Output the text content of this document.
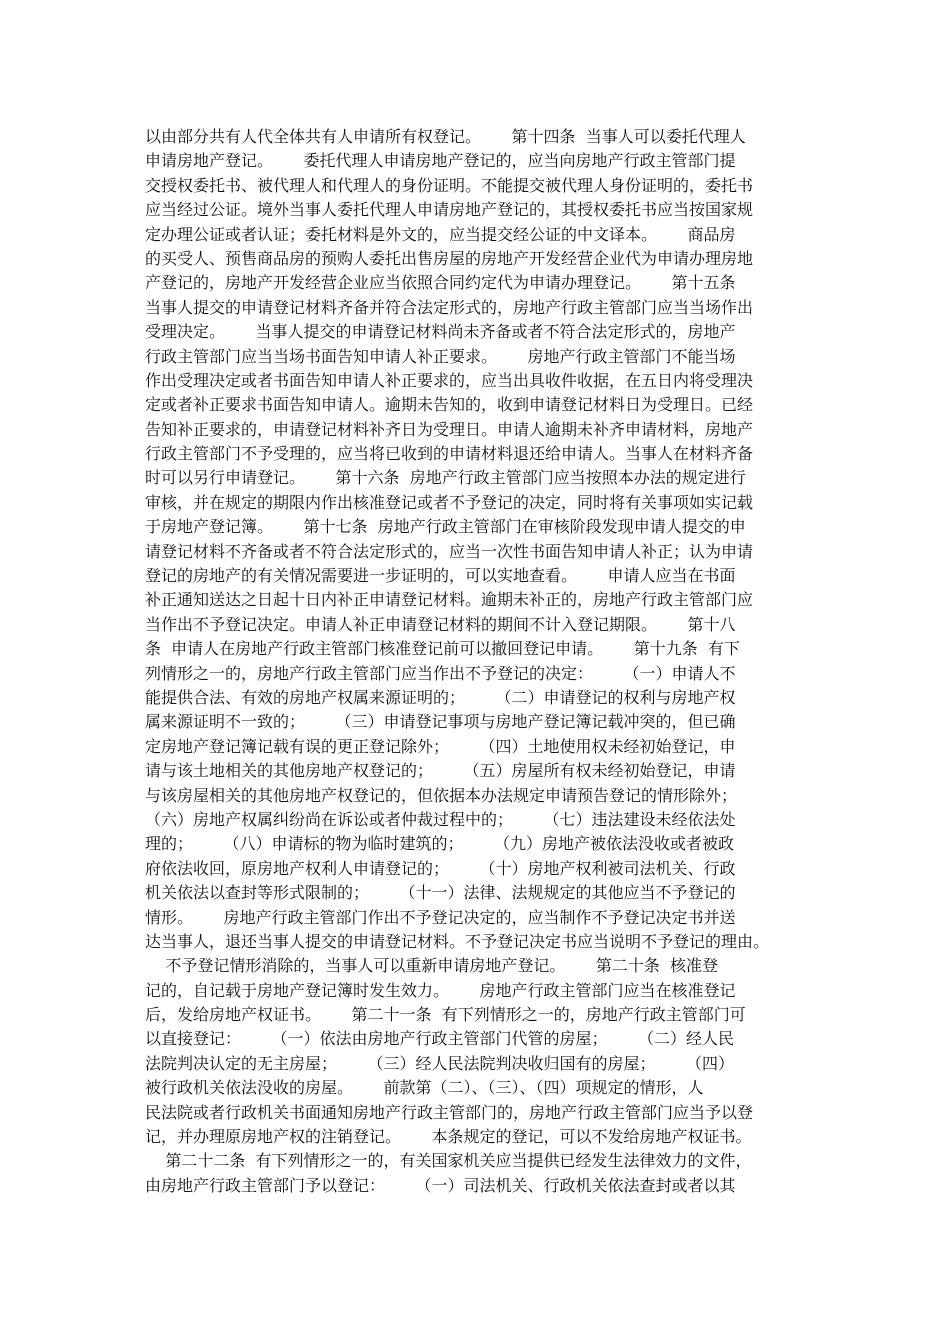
以由部分共有人代全体共有人申请所有权登记。      第十四条  当事人可以委托代理人
申请房地产登记。      委托代理人申请房地产登记的，应当向房地产行政主管部门提
交授权委托书、被代理人和代理人的身份证明。不能提交被代理人身份证明的，委托书
应当经过公证。境外当事人委托代理人申请房地产登记的，其授权委托书应当按国家规
定办理公证或者认证；委托材料是外文的，应当提交经公证的中文译本。      商品房
的买受人、预售商品房的预购人委托出售房屋的房地产开发经营企业代为申请办理房地
产登记的，房地产开发经营企业应当依照合同约定代为申请办理登记。      第十五条
当事人提交的申请登记材料齐备并符合法定形式的，房地产行政主管部门应当当场作出
受理决定。      当事人提交的申请登记材料尚未齐备或者不符合法定形式的，房地产
行政主管部门应当当场书面告知申请人补正要求。      房地产行政主管部门不能当场
作出受理决定或者书面告知申请人补正要求的，应当出具收件收据，在五日内将受理决
定或者补正要求书面告知申请人。逾期未告知的，收到申请登记材料日为受理日。已经
告知补正要求的，申请登记材料补齐日为受理日。申请人逾期未补齐申请材料，房地产
行政主管部门不予受理的，应当将已收到的申请材料退还给申请人。当事人在材料齐备
时可以另行申请登记。      第十六条  房地产行政主管部门应当按照本办法的规定进行
审核，并在规定的期限内作出核准登记或者不予登记的决定，同时将有关事项如实记载
于房地产登记簿。      第十七条  房地产行政主管部门在审核阶段发现申请人提交的申
请登记材料不齐备或者不符合法定形式的，应当一次性书面告知申请人补正；认为申请
登记的房地产的有关情况需要进一步证明的，可以实地查看。      申请人应当在书面
补正通知送达之日起十日内补正申请登记材料。逾期未补正的，房地产行政主管部门应
当作出不予登记决定。申请人补正申请登记材料的期间不计入登记期限。      第十八
条  申请人在房地产行政主管部门核准登记前可以撤回登记申请。      第十九条  有下
列情形之一的，房地产行政主管部门应当作出不予登记的决定：      （一）申请人不
能提供合法、有效的房地产权属来源证明的；      （二）申请登记的权利与房地产权
属来源证明不一致的；      （三）申请登记事项与房地产登记簿记载冲突的，但已确
定房地产登记簿记载有误的更正登记除外；      （四）土地使用权未经初始登记，申
请与该土地相关的其他房地产权登记的；      （五）房屋所有权未经初始登记，申请
与该房屋相关的其他房地产权登记的，但依据本办法规定申请预告登记的情形除外；
（六）房地产权属纠纷尚在诉讼或者仲裁过程中的；      （七）违法建设未经依法处
理的；      （八）申请标的物为临时建筑的；      （九）房地产被依法没收或者被政
府依法收回，原房地产权利人申请登记的；      （十）房地产权利被司法机关、行政
机关依法以查封等形式限制的；      （十一）法律、法规规定的其他应当不予登记的
情形。      房地产行政主管部门作出不予登记决定的，应当制作不予登记决定书并送
达当事人，退还当事人提交的申请登记材料。不予登记决定书应当说明不予登记的理由。
不予登记情形消除的，当事人可以重新申请房地产登记。      第二十条  核准登
记的，自记载于房地产登记簿时发生效力。      房地产行政主管部门应当在核准登记
后，发给房地产权证书。      第二十一条  有下列情形之一的，房地产行政主管部门可
以直接登记：      （一）依法由房地产行政主管部门代管的房屋；      （二）经人民
法院判决认定的无主房屋；      （三）经人民法院判决收归国有的房屋；      （四）
被行政机关依法没收的房屋。      前款第（二）、（三）、（四）项规定的情形，人
民法院或者行政机关书面通知房地产行政主管部门的，房地产行政主管部门应当予以登
记，并办理原房地产权的注销登记。      本条规定的登记，可以不发给房地产权证书。
第二十二条  有下列情形之一的，有关国家机关应当提供已经发生法律效力的文件，
由房地产行政主管部门予以登记：      （一）司法机关、行政机关依法查封或者以其
